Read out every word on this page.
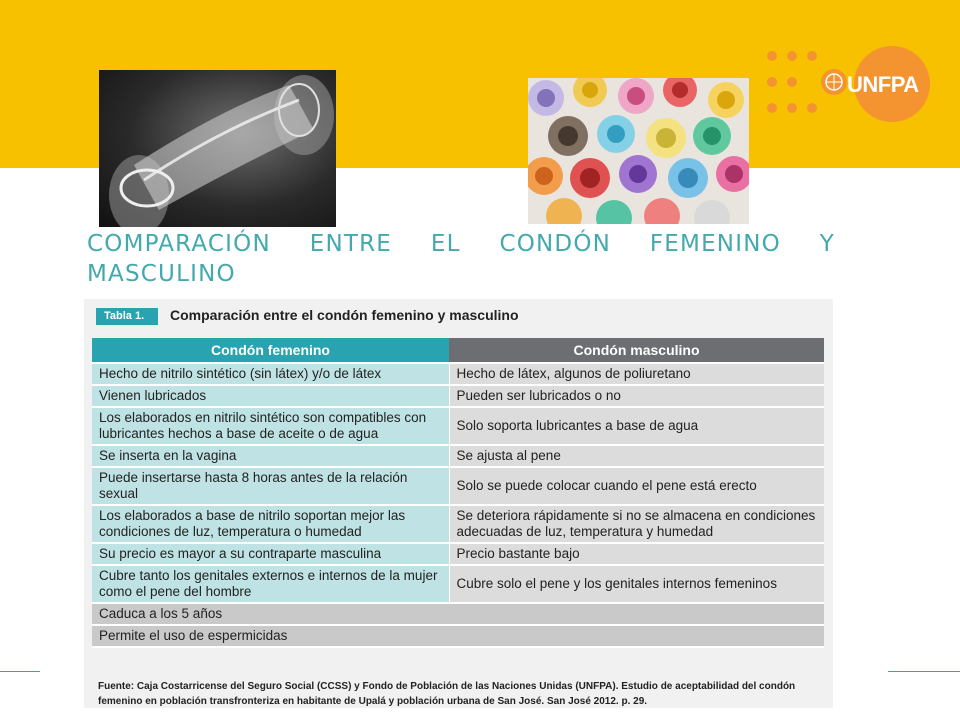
UNFPA
COMPARACIÓN ENTRE EL CONDÓN FEMENINO Y MASCULINO
Tabla 1.	Comparación entre el condón femenino y masculino
Condón femenino	Condón masculino
Hecho de nitrilo sintético (sin látex) y/o de látex	Hecho de látex, algunos de poliuretano
Vienen lubricados	Pueden ser lubricados o no
Los elaborados en nitrilo sintético son compatibles con lubricantes hechos a base de aceite o de agua	Solo soporta lubricantes a base de agua
Se inserta en la vagina	Se ajusta al pene
Puede insertarse hasta 8 horas antes de la relación sexual	Solo se puede colocar cuando el pene está erecto
Los elaborados a base de nitrilo soportan mejor las condiciones de luz, temperatura o humedad	Se deteriora rápidamente si no se almacena en condiciones adecuadas de luz, temperatura y humedad
Su precio es mayor a su contraparte masculina	Precio bastante bajo
Cubre tanto los genitales externos e internos de la mujer como el pene del hombre	Cubre solo el pene y los genitales internos femeninos
Caduca a los 5 años	
Permite el uso de espermicidas	
Fuente: Caja Costarricense del Seguro Social (CCSS) y Fondo de Población de las Naciones Unidas (UNFPA). Estudio de aceptabilidad del condón femenino en población transfronteriza en habitante de Upalá y población urbana de San José. San José 2012. p. 29.
